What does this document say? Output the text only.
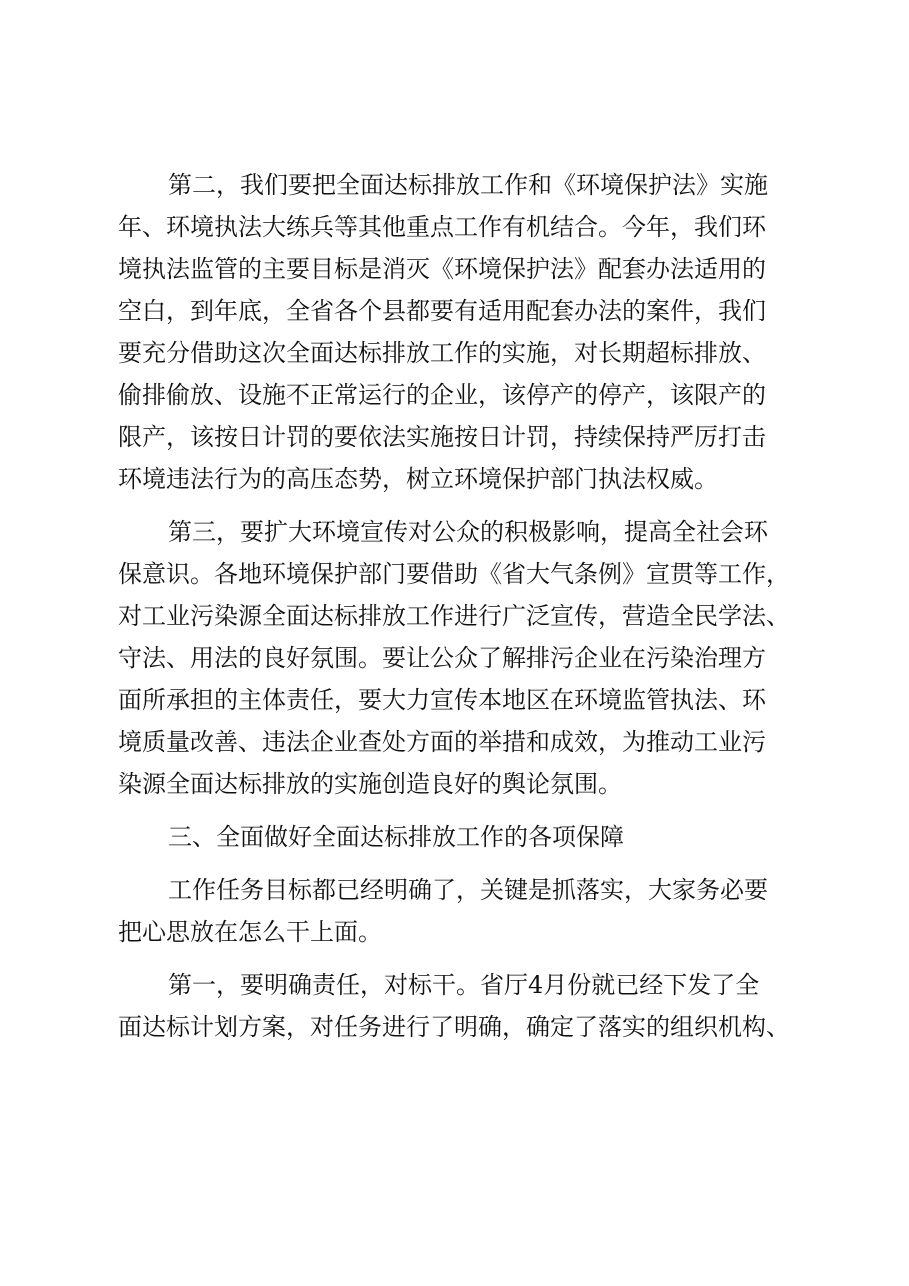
第二，我们要把全面达标排放工作和《环境保护法》实施
年、环境执法大练兵等其他重点工作有机结合。今年，我们环
境执法监管的主要目标是消灭《环境保护法》配套办法适用的
空白，到年底，全省各个县都要有适用配套办法的案件，我们
要充分借助这次全面达标排放工作的实施，对长期超标排放、
偷排偷放、设施不正常运行的企业，该停产的停产，该限产的
限产，该按日计罚的要依法实施按日计罚，持续保持严厉打击
环境违法行为的高压态势，树立环境保护部门执法权威。
第三，要扩大环境宣传对公众的积极影响，提高全社会环
保意识。各地环境保护部门要借助《省大气条例》宣贯等工作，
对工业污染源全面达标排放工作进行广泛宣传，营造全民学法、
守法、用法的良好氛围。要让公众了解排污企业在污染治理方
面所承担的主体责任，要大力宣传本地区在环境监管执法、环
境质量改善、违法企业查处方面的举措和成效，为推动工业污
染源全面达标排放的实施创造良好的舆论氛围。
三、全面做好全面达标排放工作的各项保障
工作任务目标都已经明确了，关键是抓落实，大家务必要
把心思放在怎么干上面。
第一，要明确责任，对标干。省厅4月份就已经下发了全
面达标计划方案，对任务进行了明确，确定了落实的组织机构、
